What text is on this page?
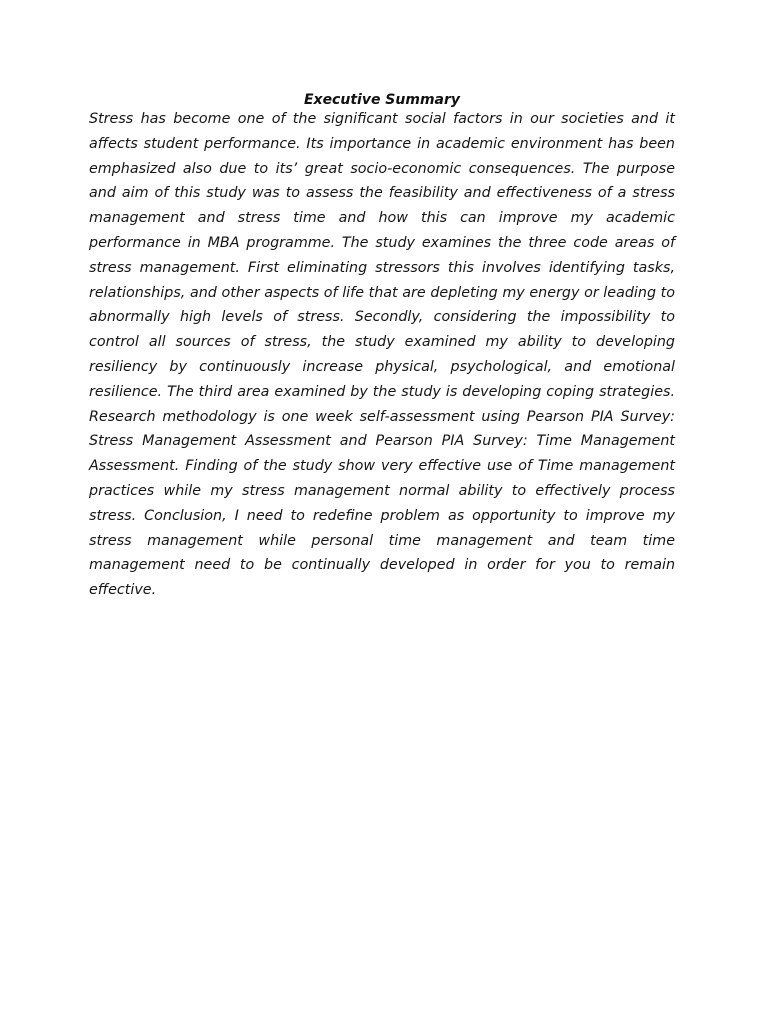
Executive Summary

Stress has become one of the significant social factors in our societies and it affects student performance. Its importance in academic environment has been emphasized also due to its’ great socio-economic consequences. The purpose and aim of this study was to assess the feasibility and effectiveness of a stress management and stress time and how this can improve my academic performance in MBA programme. The study examines the three code areas of stress management. First eliminating stressors this involves identifying tasks, relationships, and other aspects of life that are depleting my energy or leading to abnormally high levels of stress. Secondly, considering the impossibility to control all sources of stress, the study examined my ability to developing resiliency by continuously increase physical, psychological, and emotional resilience. The third area examined by the study is developing coping strategies. Research methodology is one week self-assessment using Pearson PIA Survey: Stress Management Assessment and Pearson PIA Survey: Time Management Assessment. Finding of the study show very effective use of Time management practices while my stress management normal ability to effectively process stress. Conclusion, I need to redefine problem as opportunity to improve my stress management while personal time management and team time management need to be continually developed in order for you to remain effective.
